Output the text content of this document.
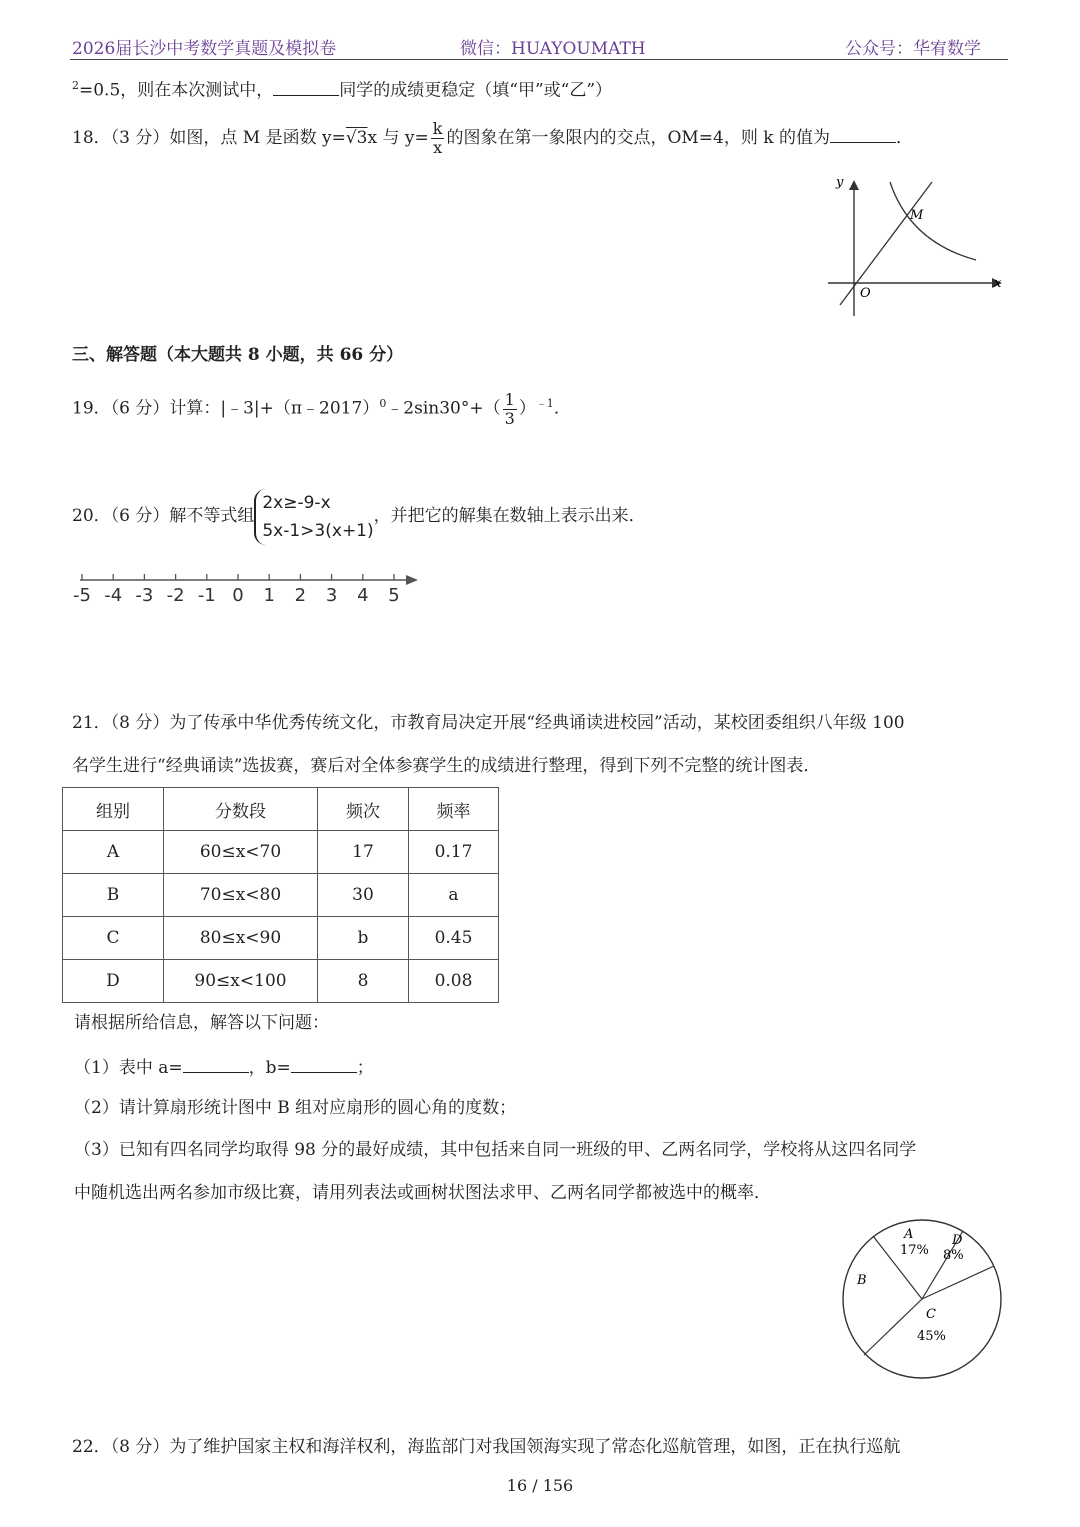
2026届长沙中考数学真题及模拟卷	微信：HUAYOUMATH	公众号：华宥数学
$^2$=0.5，则在本次测试中，	同学的成绩更稳定（填“甲”或“乙”）
18．（3 分）如图，点 M 是函数 y=√3x 与 $y= \frac{k}{x}$ 的图象在第一象限内的交点，OM=4，则 k 的值为	．
y
x
O
M
三、解答题（本大题共 8 小题，共 66 分）
19．（6 分）计算：|﹣3|+（π﹣2017）$^0$﹣2sin30°+（ $\frac{1}{3} )^{﹣1}$．
20．（6 分）解不等式组
2x≥-9-x
5x-1>3(x+1)
，并把它的解集在数轴上表示出来．
-5 -4 -3 -2 -1 0 1 2 3 4 5
21．（8 分）为了传承中华优秀传统文化，市教育局决定开展“经典诵读进校园”活动，某校团委组织八年级 100
名学生进行“经典诵读”选拔赛，赛后对全体参赛学生的成绩进行整理，得到下列不完整的统计图表．
组别	分数段	频次	频率
A	60≤x<70	17	0.17
B	70≤x<80	30	a
C	80≤x<90	b	0.45
D	90≤x<100	8	0.08
请根据所给信息，解答以下问题：
（1）表中 a=	，b=	；
（2）请计算扇形统计图中 B 组对应扇形的圆心角的度数；
（3）已知有四名同学均取得 98 分的最好成绩，其中包括来自同一班级的甲、乙两名同学，学校将从这四名同学
中随机选出两名参加市级比赛，请用列表法或画树状图法求甲、乙两名同学都被选中的概率．
A
17%
D
8%
B
C
45%
22．（8 分）为了维护国家主权和海洋权利，海监部门对我国领海实现了常态化巡航管理，如图，正在执行巡航
16 / 156
